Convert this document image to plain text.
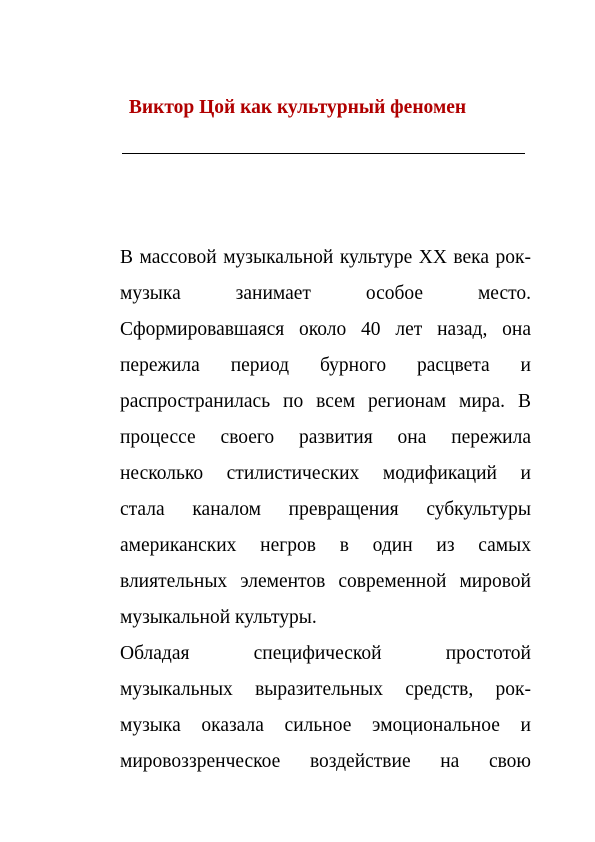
Виктор Цой как культурный феномен

В массовой музыкальной культуре XX века рок-
музыка занимает особое место.
Сформировавшаяся около 40 лет назад, она
пережила период бурного расцвета и
распространилась по всем регионам мира. В
процессе своего развития она пережила
несколько стилистических модификаций и
стала каналом превращения субкультуры
американских негров в один из самых
влиятельных элементов современной мировой
музыкальной культуры.

Обладая специфической простотой
музыкальных выразительных средств, рок-
музыка оказала сильное эмоциональное и
мировоззренческое воздействие на свою
